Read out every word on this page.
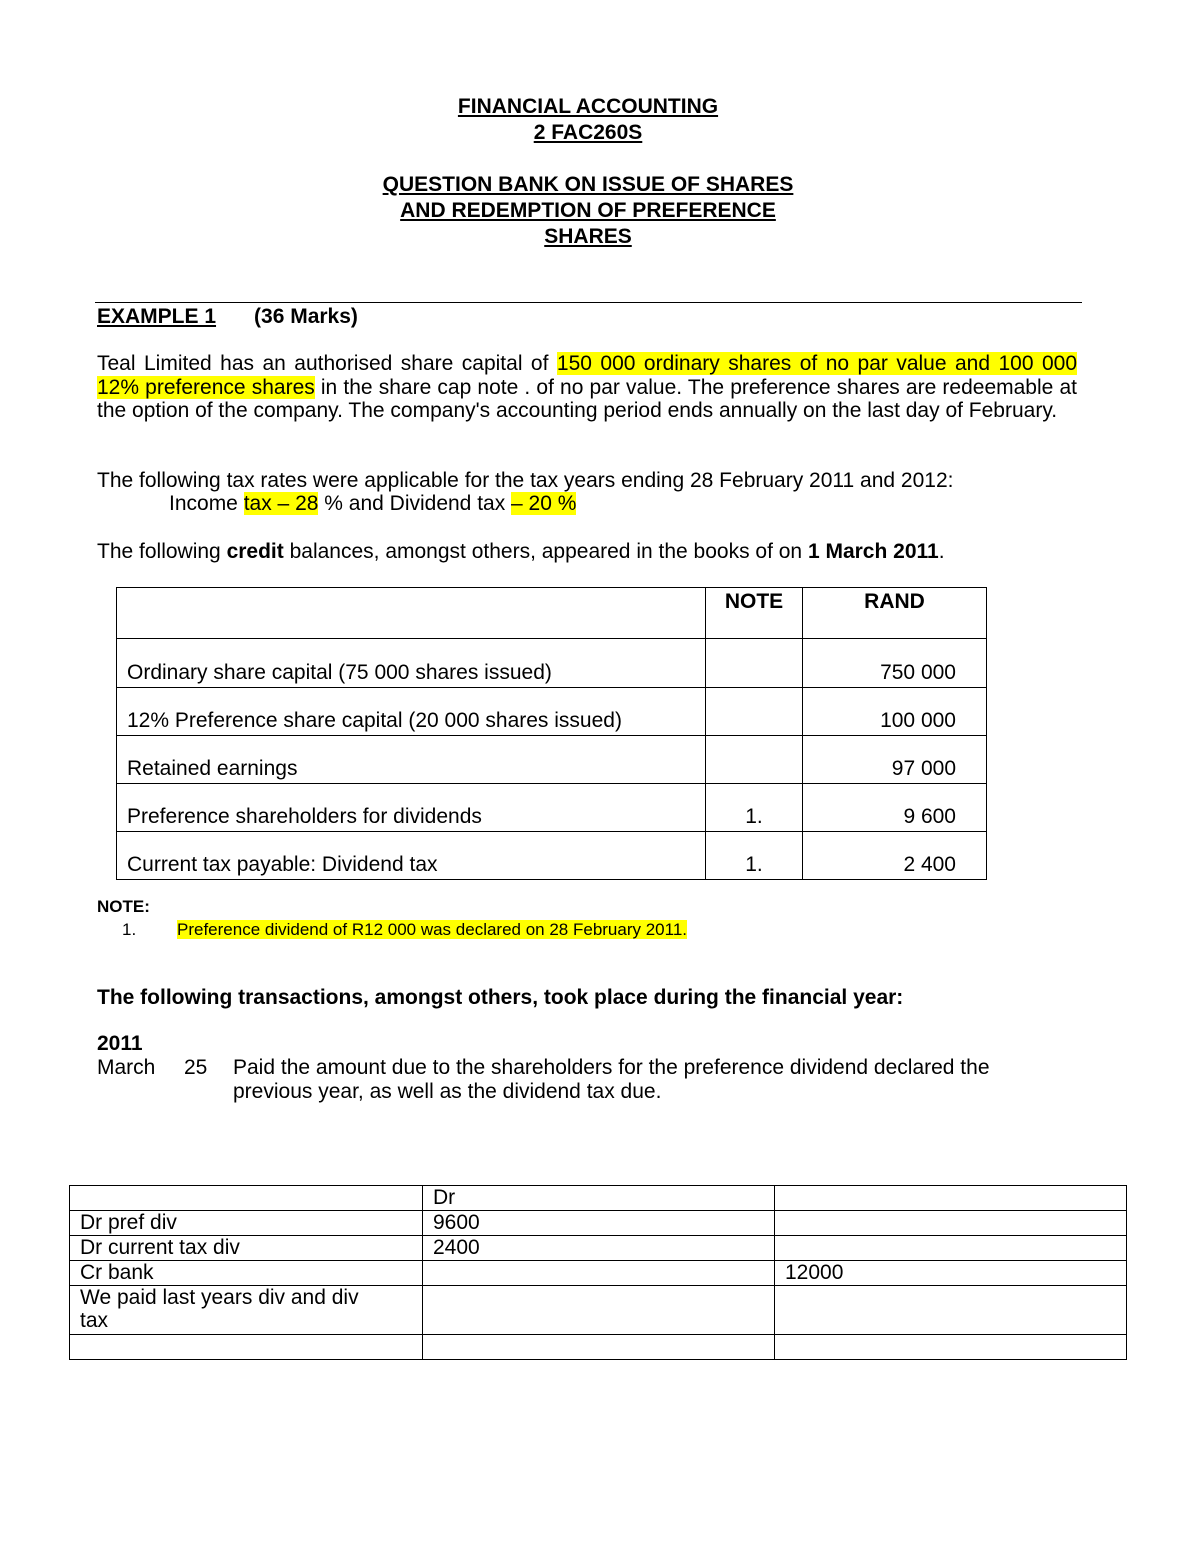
FINANCIAL ACCOUNTING
2 FAC260S
QUESTION BANK ON ISSUE OF SHARES
AND REDEMPTION OF PREFERENCE
SHARES
EXAMPLE 1 (36 Marks)
Teal Limited has an authorised share capital of 150 000 ordinary shares of no par value and 100 000 12% preference shares in the share cap note . of no par value. The preference shares are redeemable at the option of the company. The company's accounting period ends annually on the last day of February.
The following tax rates were applicable for the tax years ending 28 February 2011 and 2012:
Income tax – 28 % and Dividend tax – 20 %
The following credit balances, amongst others, appeared in the books of on 1 March 2011.
	NOTE	RAND
Ordinary share capital (75 000 shares issued)		750 000
12% Preference share capital (20 000 shares issued)		100 000
Retained earnings		97 000
Preference shareholders for dividends	1.	9 600
Current tax payable: Dividend tax	1.	2 400
NOTE:
1. Preference dividend of R12 000 was declared on 28 February 2011.
The following transactions, amongst others, took place during the financial year:
2011
March	25	Paid the amount due to the shareholders for the preference dividend declared the
previous year, as well as the dividend tax due.
	Dr	
Dr pref div	9600	
Dr current tax div	2400	
Cr bank		12000
We paid last years div and div tax		
